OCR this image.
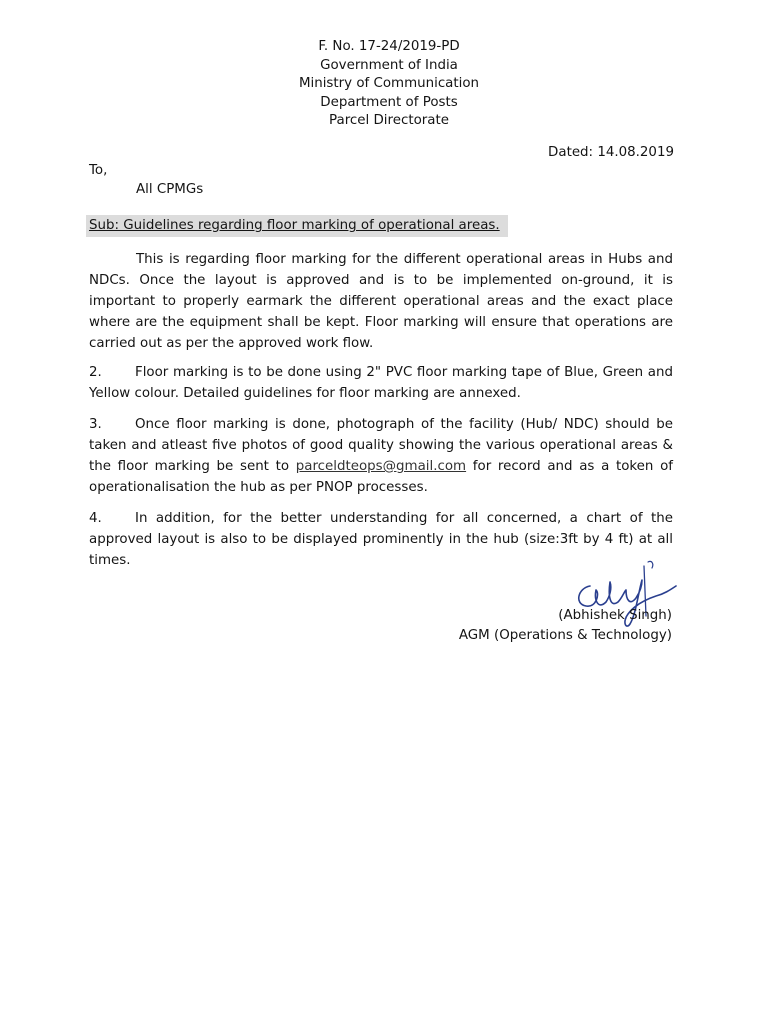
F. No. 17-24/2019-PD
Government of India
Ministry of Communication
Department of Posts
Parcel Directorate
Dated: 14.08.2019
To,
All CPMGs
Sub: Guidelines regarding floor marking of operational areas.

This is regarding floor marking for the different operational areas in Hubs and NDCs. Once the layout is approved and is to be implemented on-ground, it is important to properly earmark the different operational areas and the exact place where are the equipment shall be kept. Floor marking will ensure that operations are carried out as per the approved work flow.

2. Floor marking is to be done using 2" PVC floor marking tape of Blue, Green and Yellow colour. Detailed guidelines for floor marking are annexed.

3. Once floor marking is done, photograph of the facility (Hub/ NDC) should be taken and atleast five photos of good quality showing the various operational areas & the floor marking be sent to parceldteops@gmail.com for record and as a token of operationalisation the hub as per PNOP processes.

4. In addition, for the better understanding for all concerned, a chart of the approved layout is also to be displayed prominently in the hub (size:3ft by 4 ft) at all times.

(Abhishek Singh)
AGM (Operations & Technology)
